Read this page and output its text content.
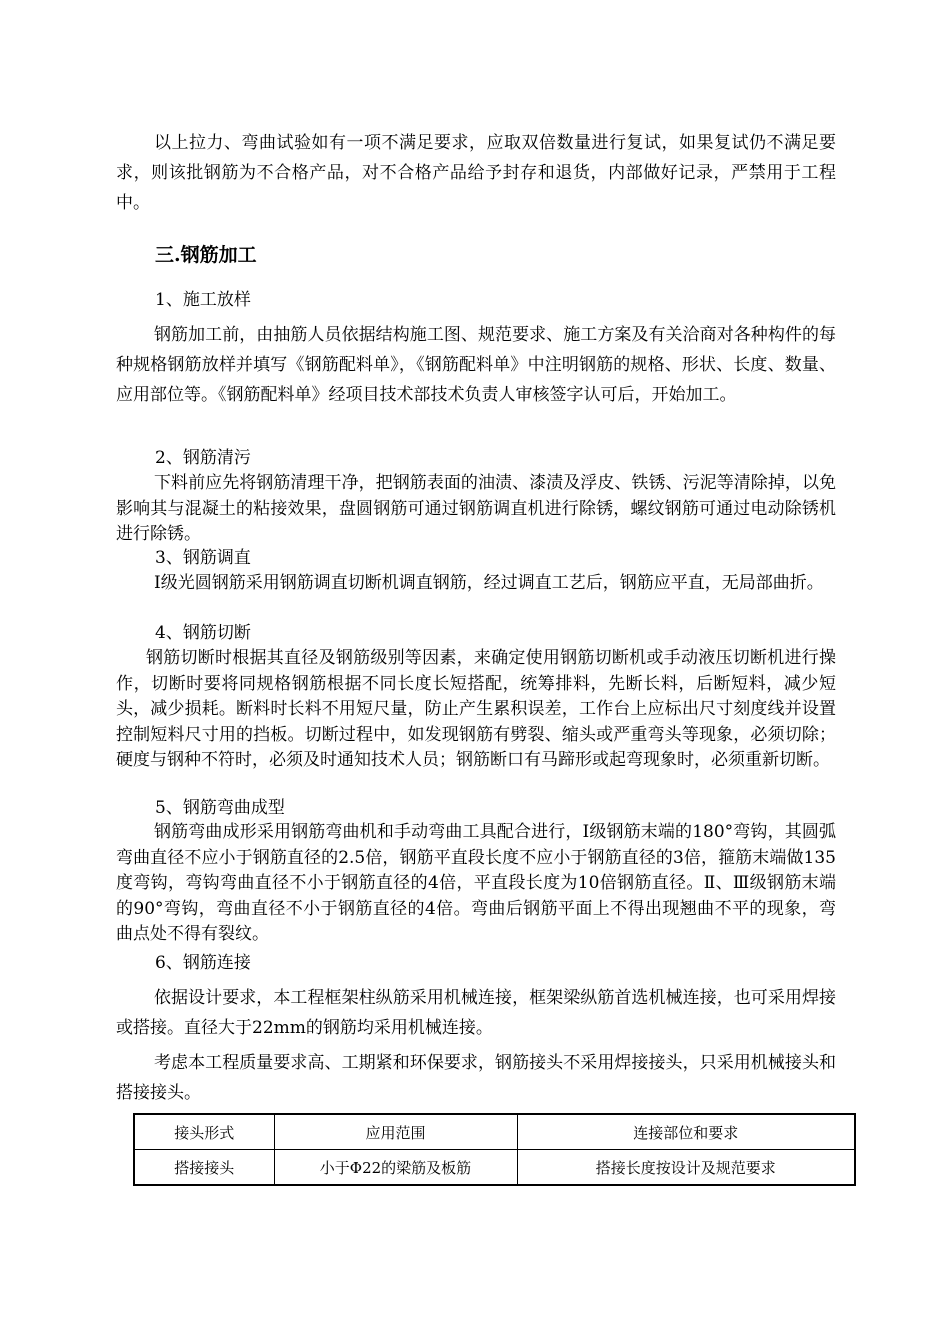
以上拉力、弯曲试验如有一项不满足要求，应取双倍数量进行复试，如果复试仍不满足要求，则该批钢筋为不合格产品，对不合格产品给予封存和退货，内部做好记录，严禁用于工程中。

三.钢筋加工

1、施工放样

钢筋加工前，由抽筋人员依据结构施工图、规范要求、施工方案及有关洽商对各种构件的每种规格钢筋放样并填写《钢筋配料单》，《钢筋配料单》中注明钢筋的规格、形状、长度、数量、应用部位等。《钢筋配料单》经项目技术部技术负责人审核签字认可后，开始加工。

2、钢筋清污

下料前应先将钢筋清理干净，把钢筋表面的油渍、漆渍及浮皮、铁锈、污泥等清除掉，以免影响其与混凝土的粘接效果，盘圆钢筋可通过钢筋调直机进行除锈，螺纹钢筋可通过电动除锈机进行除锈。

3、钢筋调直

I级光圆钢筋采用钢筋调直切断机调直钢筋，经过调直工艺后，钢筋应平直，无局部曲折。

4、钢筋切断

钢筋切断时根据其直径及钢筋级别等因素，来确定使用钢筋切断机或手动液压切断机进行操作，切断时要将同规格钢筋根据不同长度长短搭配，统筹排料，先断长料，后断短料，减少短头，减少损耗。断料时长料不用短尺量，防止产生累积误差，工作台上应标出尺寸刻度线并设置控制短料尺寸用的挡板。切断过程中，如发现钢筋有劈裂、缩头或严重弯头等现象，必须切除；硬度与钢种不符时，必须及时通知技术人员；钢筋断口有马蹄形或起弯现象时，必须重新切断。

5、钢筋弯曲成型

钢筋弯曲成形采用钢筋弯曲机和手动弯曲工具配合进行，I级钢筋末端的180°弯钩，其圆弧弯曲直径不应小于钢筋直径的2.5倍，钢筋平直段长度不应小于钢筋直径的3倍，箍筋末端做135度弯钩，弯钩弯曲直径不小于钢筋直径的4倍，平直段长度为10倍钢筋直径。Ⅱ、Ⅲ级钢筋末端的90°弯钩，弯曲直径不小于钢筋直径的4倍。弯曲后钢筋平面上不得出现翘曲不平的现象，弯曲点处不得有裂纹。

6、钢筋连接

依据设计要求，本工程框架柱纵筋采用机械连接，框架梁纵筋首选机械连接，也可采用焊接或搭接。直径大于22mm的钢筋均采用机械连接。

考虑本工程质量要求高、工期紧和环保要求，钢筋接头不采用焊接接头，只采用机械接头和搭接接头。

接头形式	应用范围	连接部位和要求
搭接接头	小于Φ22的梁筋及板筋	搭接长度按设计及规范要求
